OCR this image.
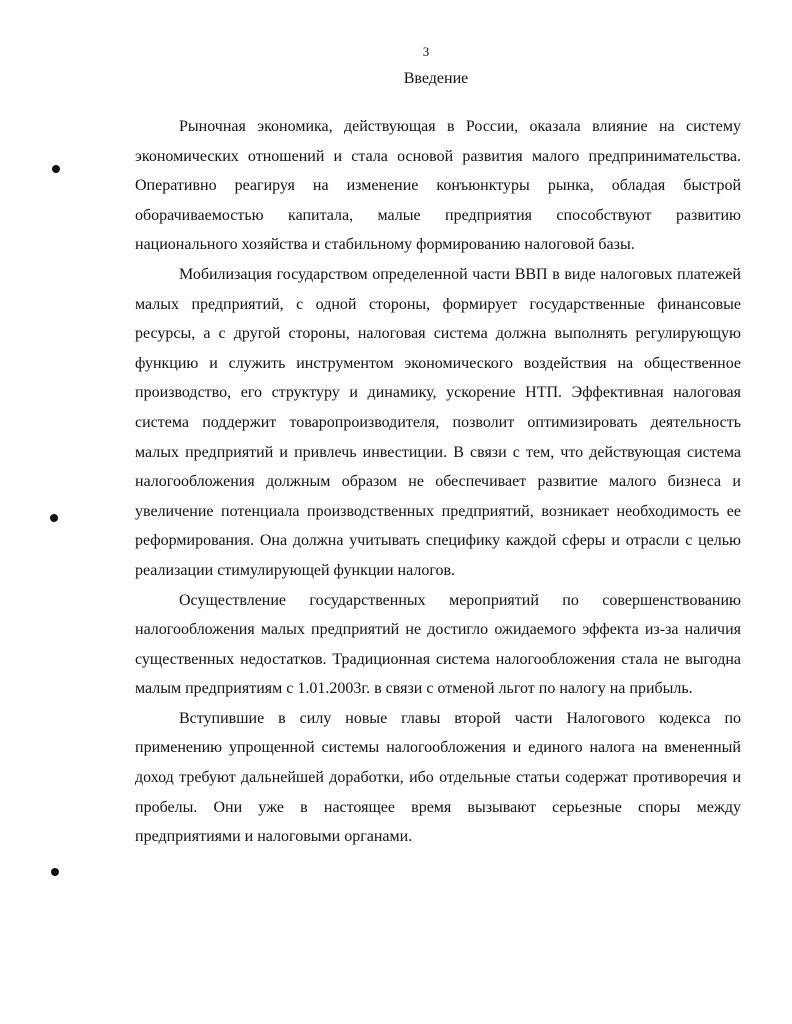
3
Введение

Рыночная экономика, действующая в России, оказала влияние на систему экономических отношений и стала основой развития малого предпринимательства. Оперативно реагируя на изменение конъюнктуры рынка, обладая быстрой оборачиваемостью капитала, малые предприятия способствуют развитию национального хозяйства и стабильному формированию налоговой базы.

Мобилизация государством определенной части ВВП в виде налоговых платежей малых предприятий, с одной стороны, формирует государственные финансовые ресурсы, а с другой стороны, налоговая система должна выполнять регулирующую функцию и служить инструментом экономического воздействия на общественное производство, его структуру и динамику, ускорение НТП. Эффективная налоговая система поддержит товаропроизводителя, позволит оптимизировать деятельность малых предприятий и привлечь инвестиции. В связи с тем, что действующая система налогообложения должным образом не обеспечивает развитие малого бизнеса и увеличение потенциала производственных предприятий, возникает необходимость ее реформирования. Она должна учитывать специфику каждой сферы и отрасли с целью реализации стимулирующей функции налогов.

Осуществление государственных мероприятий по совершенствованию налогообложения малых предприятий не достигло ожидаемого эффекта из-за наличия существенных недостатков. Традиционная система налогообложения стала не выгодна малым предприятиям с 1.01.2003г. в связи с отменой льгот по налогу на прибыль.

Вступившие в силу новые главы второй части Налогового кодекса по применению упрощенной системы налогообложения и единого налога на вмененный доход требуют дальнейшей доработки, ибо отдельные статьи содержат противоречия и пробелы. Они уже в настоящее время вызывают серьезные споры между предприятиями и налоговыми органами.
